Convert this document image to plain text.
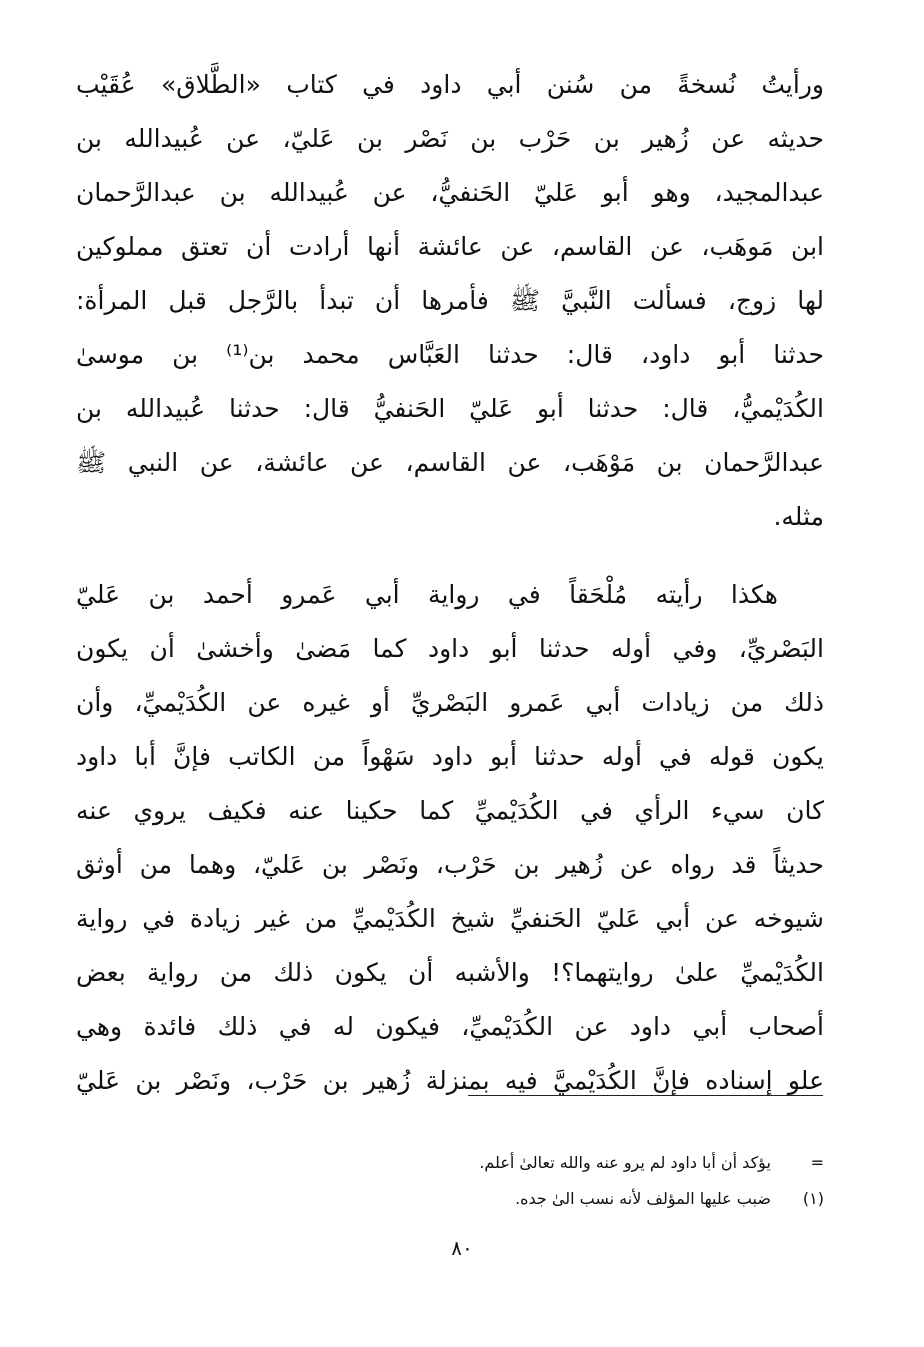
ورأيتُ نُسخةً من سُنن أبي داود في كتاب «الطَّلاق» عُقَيْب
حديثه عن زُهير بن حَرْب بن نَصْر بن عَليّ، عن عُبيدالله بن
عبدالمجيد، وهو أبو عَليّ الحَنفيُّ، عن عُبيدالله بن عبدالرَّحمان
ابن مَوهَب، عن القاسم، عن عائشة أنها أرادت أن تعتق مملوكين
لها زوج، فسألت النَّبيَّ ﷺ فأمرها أن تبدأ بالرَّجل قبل المرأة:
حدثنا أبو داود، قال: حدثنا العَبَّاس محمد بن⁽¹⁾ بن موسىٰ
الكُدَيْميُّ، قال: حدثنا أبو عَليّ الحَنفيُّ قال: حدثنا عُبيدالله بن
عبدالرَّحمان بن مَوْهَب، عن القاسم، عن عائشة، عن النبي ﷺ
مثله.
هكذا رأيته مُلْحَقاً في رواية أبي عَمرو أحمد بن عَليّ
البَصْريِّ، وفي أوله حدثنا أبو داود كما مَضىٰ وأخشىٰ أن يكون
ذلك من زيادات أبي عَمرو البَصْريِّ أو غيره عن الكُدَيْميِّ، وأن
يكون قوله في أوله حدثنا أبو داود سَهْواً من الكاتب فإنَّ أبا داود
كان سيء الرأي في الكُدَيْميِّ كما حكينا عنه فكيف يروي عنه
حديثاً قد رواه عن زُهير بن حَرْب، ونَصْر بن عَليّ، وهما من أوثق
شيوخه عن أبي عَليّ الحَنفيِّ شيخ الكُدَيْميِّ من غير زيادة في رواية
الكُدَيْميِّ علىٰ روايتهما؟! والأشبه أن يكون ذلك من رواية بعض
أصحاب أبي داود عن الكُدَيْميِّ، فيكون له في ذلك فائدة وهي
علو إسناده فإنَّ الكُدَيْميَّ فيه بمنزلة زُهير بن حَرْب، ونَصْر بن عَليّ
= يؤكد أن أبا داود لم يرو عنه والله تعالىٰ أعلم.
(١) ضبب عليها المؤلف لأنه نسب الىٰ جده.
٨٠
